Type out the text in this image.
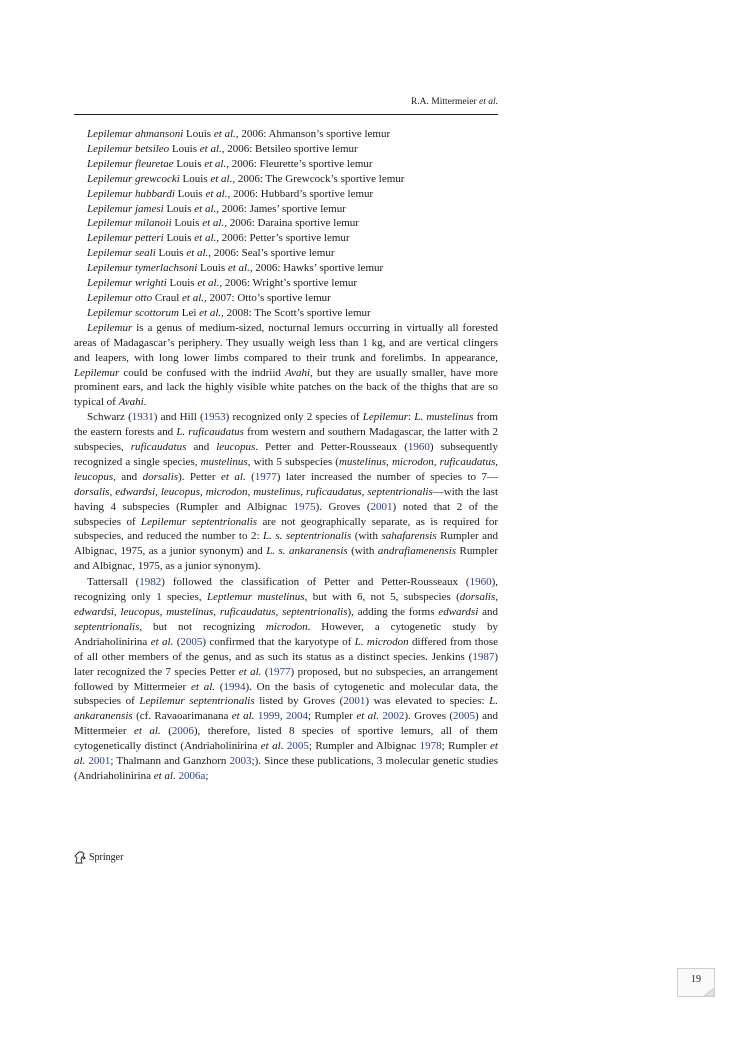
R.A. Mittermeier et al.
Lepilemur ahmansoni Louis et al., 2006: Ahmanson’s sportive lemur
Lepilemur betsileo Louis et al., 2006: Betsileo sportive lemur
Lepilemur fleuretae Louis et al., 2006: Fleurette’s sportive lemur
Lepilemur grewcocki Louis et al., 2006: The Grewcock’s sportive lemur
Lepilemur hubbardi Louis et al., 2006: Hubbard’s sportive lemur
Lepilemur jamesi Louis et al., 2006: James’ sportive lemur
Lepilemur milanoii Louis et al., 2006: Daraina sportive lemur
Lepilemur petteri Louis et al., 2006: Petter’s sportive lemur
Lepilemur seali Louis et al., 2006: Seal’s sportive lemur
Lepilemur tymerlachsoni Louis et al., 2006: Hawks’ sportive lemur
Lepilemur wrighti Louis et al., 2006: Wright’s sportive lemur
Lepilemur otto Craul et al., 2007: Otto’s sportive lemur
Lepilemur scottorum Lei et al., 2008: The Scott’s sportive lemur

Lepilemur is a genus of medium-sized, nocturnal lemurs occurring in virtually all forested areas of Madagascar’s periphery. They usually weigh less than 1 kg, and are vertical clingers and leapers, with long lower limbs compared to their trunk and forelimbs. In appearance, Lepilemur could be confused with the indriid Avahi, but they are usually smaller, have more prominent ears, and lack the highly visible white patches on the back of the thighs that are so typical of Avahi.

Schwarz (1931) and Hill (1953) recognized only 2 species of Lepilemur: L. mustelinus from the eastern forests and L. ruficaudatus from western and southern Madagascar, the latter with 2 subspecies, ruficaudatus and leucopus. Petter and Petter-Rousseaux (1960) subsequently recognized a single species, mustelinus, with 5 subspecies (mustelinus, microdon, ruficaudatus, leucopus, and dorsalis). Petter et al. (1977) later increased the number of species to 7—dorsalis, edwardsi, leucopus, microdon, mustelinus, ruficaudatus, septentrionalis—with the last having 4 subspecies (Rumpler and Albignac 1975). Groves (2001) noted that 2 of the subspecies of Lepilemur septentrionalis are not geographically separate, as is required for subspecies, and reduced the number to 2: L. s. septentrionalis (with sahafarensis Rumpler and Albignac, 1975, as a junior synonym) and L. s. ankaranensis (with andrafiamenensis Rumpler and Albignac, 1975, as a junior synonym).

Tattersall (1982) followed the classification of Petter and Petter-Rousseaux (1960), recognizing only 1 species, Leptlemur mustelinus, but with 6, not 5, subspecies (dorsalis, edwardsi, leucopus, mustelinus, ruficaudatus, septentrionalis), adding the forms edwardsi and septentrionalis, but not recognizing microdon. However, a cytogenetic study by Andriaholinirina et al. (2005) confirmed that the karyotype of L. microdon differed from those of all other members of the genus, and as such its status as a distinct species. Jenkins (1987) later recognized the 7 species Petter et al. (1977) proposed, but no subspecies, an arrangement followed by Mittermeier et al. (1994). On the basis of cytogenetic and molecular data, the subspecies of Lepilemur septentrionalis listed by Groves (2001) was elevated to species: L. ankaranensis (cf. Ravaoarimanana et al. 1999, 2004; Rumpler et al. 2002). Groves (2005) and Mittermeier et al. (2006), therefore, listed 8 species of sportive lemurs, all of them cytogenetically distinct (Andriaholinirina et al. 2005; Rumpler and Albignac 1978; Rumpler et al. 2001; Thalmann and Ganzhorn 2003;). Since these publications, 3 molecular genetic studies (Andriaholinirina et al. 2006a;

Springer
19
